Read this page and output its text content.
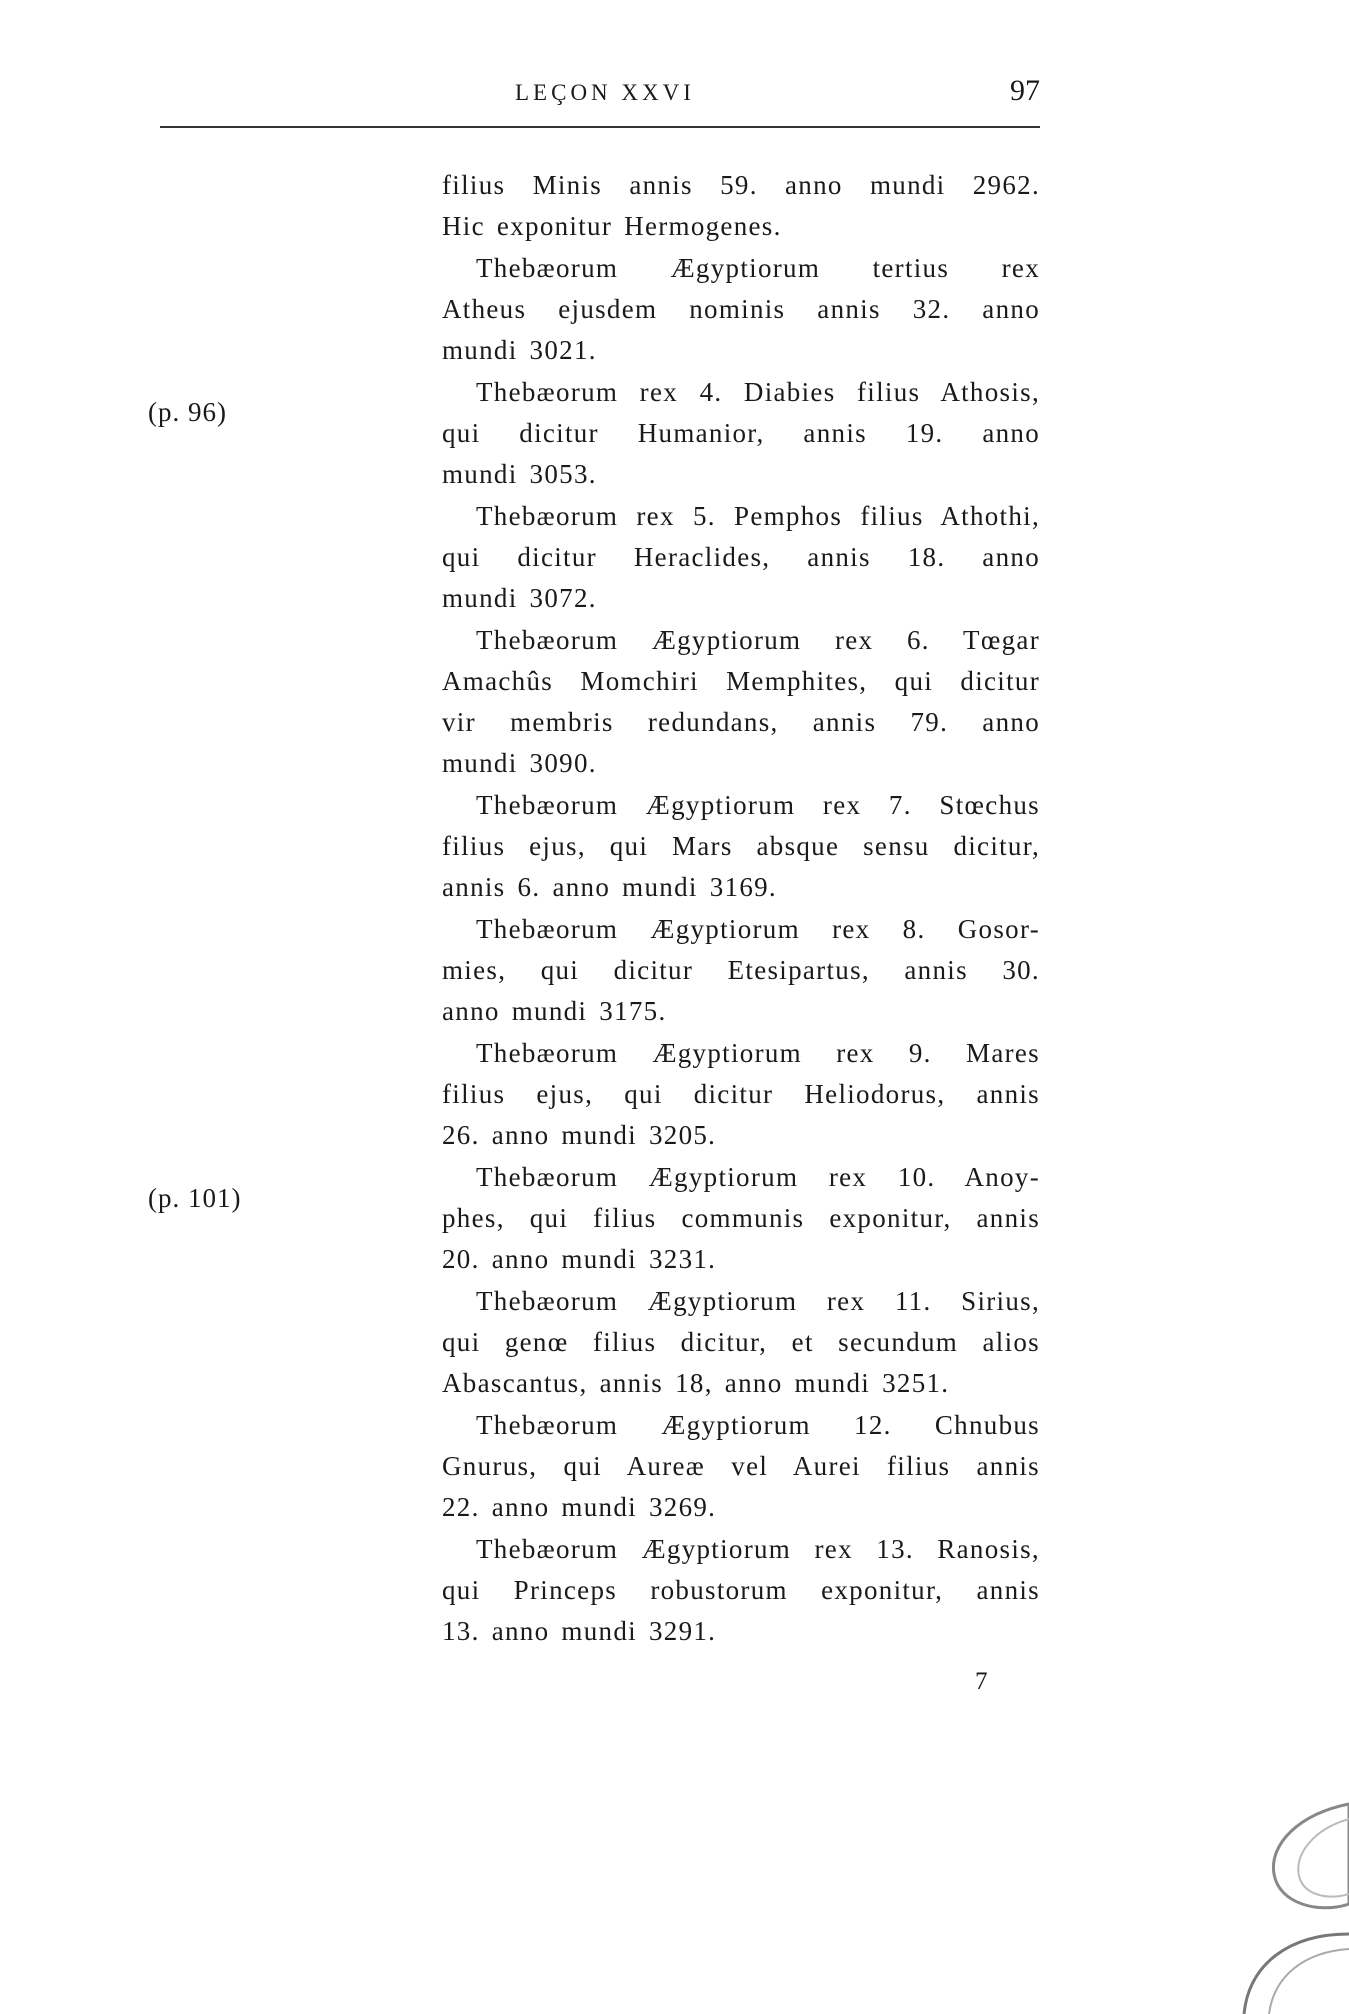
LEÇON XXVI	97
(p. 96)
(p. 101)
filius Minis annis 59. anno mundi 2962.
Hic exponitur Hermogenes.
Thebæorum Ægyptiorum tertius rex
Atheus ejusdem nominis annis 32. anno
mundi 3021.
Thebæorum rex 4. Diabies filius Athosis,
qui dicitur Humanior, annis 19. anno
mundi 3053.
Thebæorum rex 5. Pemphos filius Athothi,
qui dicitur Heraclides, annis 18. anno
mundi 3072.
Thebæorum Ægyptiorum rex 6. Tœgar
Amachûs Momchiri Memphites, qui dicitur
vir membris redundans, annis 79. anno
mundi 3090.
Thebæorum Ægyptiorum rex 7. Stœchus
filius ejus, qui Mars absque sensu dicitur,
annis 6. anno mundi 3169.
Thebæorum Ægyptiorum rex 8. Gosor-
mies, qui dicitur Etesipartus, annis 30.
anno mundi 3175.
Thebæorum Ægyptiorum rex 9. Mares
filius ejus, qui dicitur Heliodorus, annis
26. anno mundi 3205.
Thebæorum Ægyptiorum rex 10. Anoy-
phes, qui filius communis exponitur, annis
20. anno mundi 3231.
Thebæorum Ægyptiorum rex 11. Sirius,
qui genœ filius dicitur, et secundum alios
Abascantus, annis 18, anno mundi 3251.
Thebæorum Ægyptiorum 12. Chnubus
Gnurus, qui Aureæ vel Aurei filius annis
22. anno mundi 3269.
Thebæorum Ægyptiorum rex 13. Ranosis,
qui Princeps robustorum exponitur, annis
13. anno mundi 3291.
7
